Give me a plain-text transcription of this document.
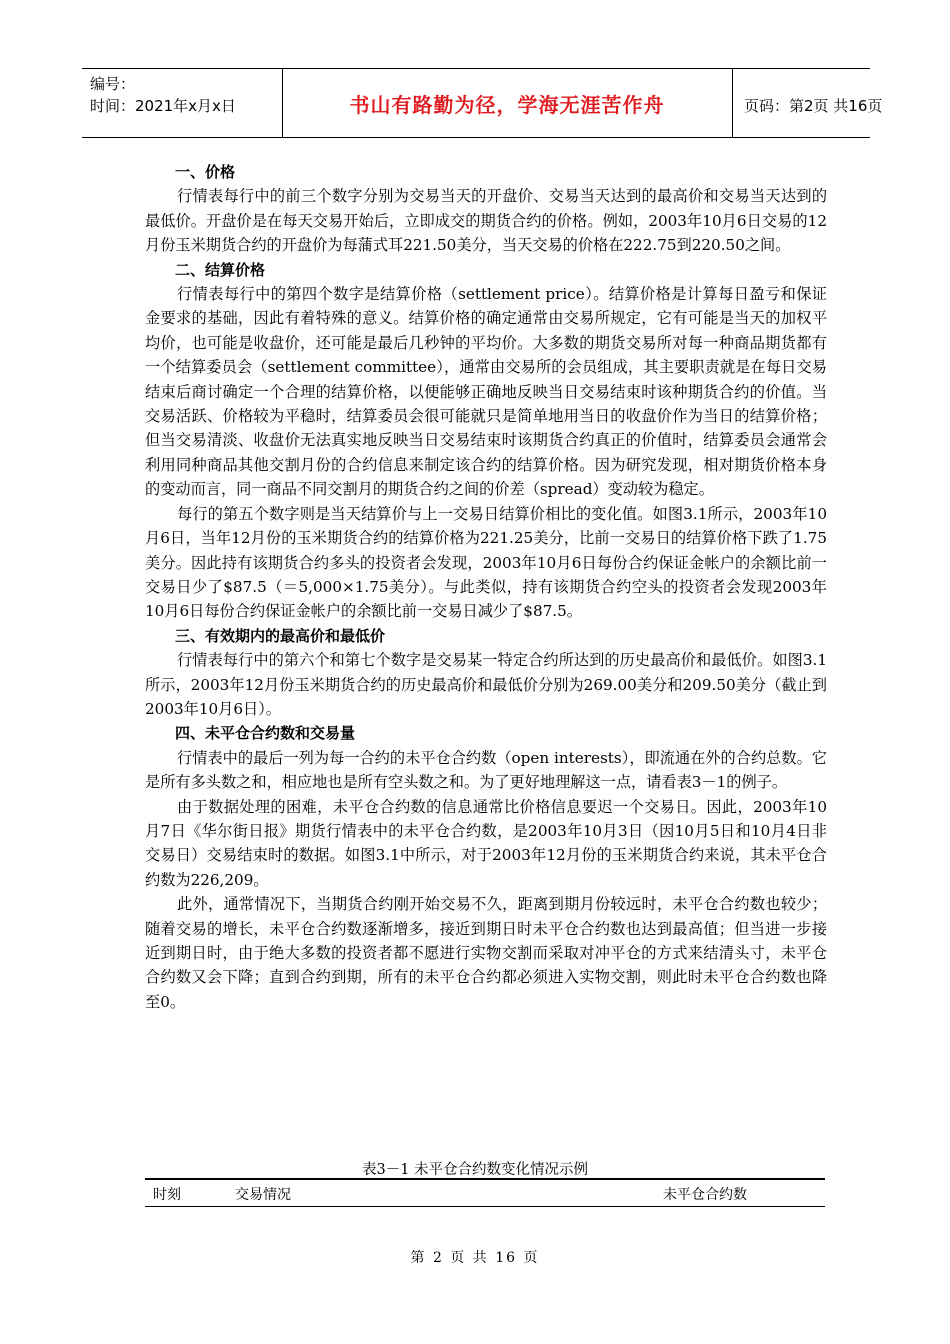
编号：
时间：2021年x月x日	书山有路勤为径，学海无涯苦作舟	页码：第2页 共16页
一、价格

行情表每行中的前三个数字分别为交易当天的开盘价、交易当天达到的最高价和交易当天达到的最低价。开盘价是在每天交易开始后，立即成交的期货合约的价格。例如，2003年10月6日交易的12月份玉米期货合约的开盘价为每蒲式耳221.50美分，当天交易的价格在222.75到220.50之间。

二、结算价格

行情表每行中的第四个数字是结算价格（settlement price）。结算价格是计算每日盈亏和保证金要求的基础，因此有着特殊的意义。结算价格的确定通常由交易所规定，它有可能是当天的加权平均价，也可能是收盘价，还可能是最后几秒钟的平均价。大多数的期货交易所对每一种商品期货都有一个结算委员会（settlement committee），通常由交易所的会员组成，其主要职责就是在每日交易结束后商讨确定一个合理的结算价格，以便能够正确地反映当日交易结束时该种期货合约的价值。当交易活跃、价格较为平稳时，结算委员会很可能就只是简单地用当日的收盘价作为当日的结算价格；但当交易清淡、收盘价无法真实地反映当日交易结束时该期货合约真正的价值时，结算委员会通常会利用同种商品其他交割月份的合约信息来制定该合约的结算价格。因为研究发现，相对期货价格本身的变动而言，同一商品不同交割月的期货合约之间的价差（spread）变动较为稳定。

每行的第五个数字则是当天结算价与上一交易日结算价相比的变化值。如图3.1所示，2003年10月6日，当年12月份的玉米期货合约的结算价格为221.25美分，比前一交易日的结算价格下跌了1.75美分。因此持有该期货合约多头的投资者会发现，2003年10月6日每份合约保证金帐户的余额比前一交易日少了$87.5（＝5,000×1.75美分）。与此类似，持有该期货合约空头的投资者会发现2003年10月6日每份合约保证金帐户的余额比前一交易日减少了$87.5。

三、有效期内的最高价和最低价

行情表每行中的第六个和第七个数字是交易某一特定合约所达到的历史最高价和最低价。如图3.1所示，2003年12月份玉米期货合约的历史最高价和最低价分别为269.00美分和209.50美分（截止到2003年10月6日）。

四、未平仓合约数和交易量

行情表中的最后一列为每一合约的未平仓合约数（open interests），即流通在外的合约总数。它是所有多头数之和，相应地也是所有空头数之和。为了更好地理解这一点，请看表3－1的例子。

由于数据处理的困难，未平仓合约数的信息通常比价格信息要迟一个交易日。因此，2003年10月7日《华尔街日报》期货行情表中的未平仓合约数，是2003年10月3日（因10月5日和10月4日非交易日）交易结束时的数据。如图3.1中所示，对于2003年12月份的玉米期货合约来说，其未平仓合约数为226,209。

此外，通常情况下，当期货合约刚开始交易不久，距离到期月份较远时，未平仓合约数也较少；随着交易的增长，未平仓合约数逐渐增多，接近到期日时未平仓合约数也达到最高值；但当进一步接近到期日时，由于绝大多数的投资者都不愿进行实物交割而采取对冲平仓的方式来结清头寸，未平仓合约数又会下降；直到合约到期，所有的未平仓合约都必须进入实物交割，则此时未平仓合约数也降至0。

表3－1 未平仓合约数变化情况示例
时刻	交易情况	未平仓合约数
第 2 页 共 16 页
